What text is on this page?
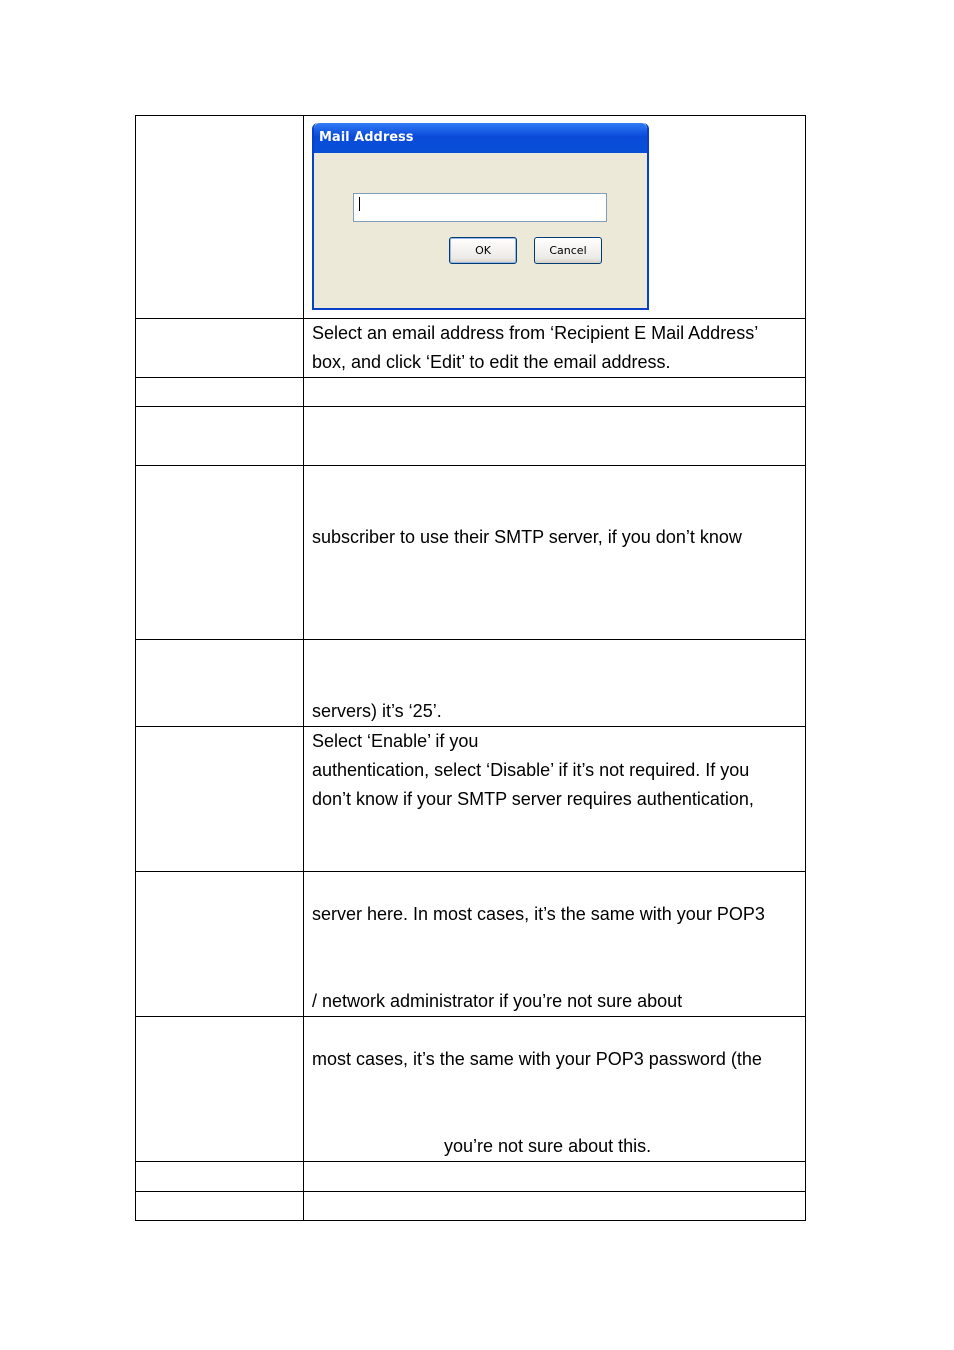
	Mail Address
OK Cancel

	Select an email address from ‘Recipient E Mail Address’
box, and click ‘Edit’ to edit the email address.

	subscriber to use their SMTP server, if you don’t know

	servers) it’s ‘25’.

	Select ‘Enable’ if you
authentication, select ‘Disable’ if it’s not required. If you
don’t know if your SMTP server requires authentication,

	server here. In most cases, it’s the same with your POP3
/ network administrator if you’re not sure about

	most cases, it’s the same with your POP3 password (the
you’re not sure about this.
